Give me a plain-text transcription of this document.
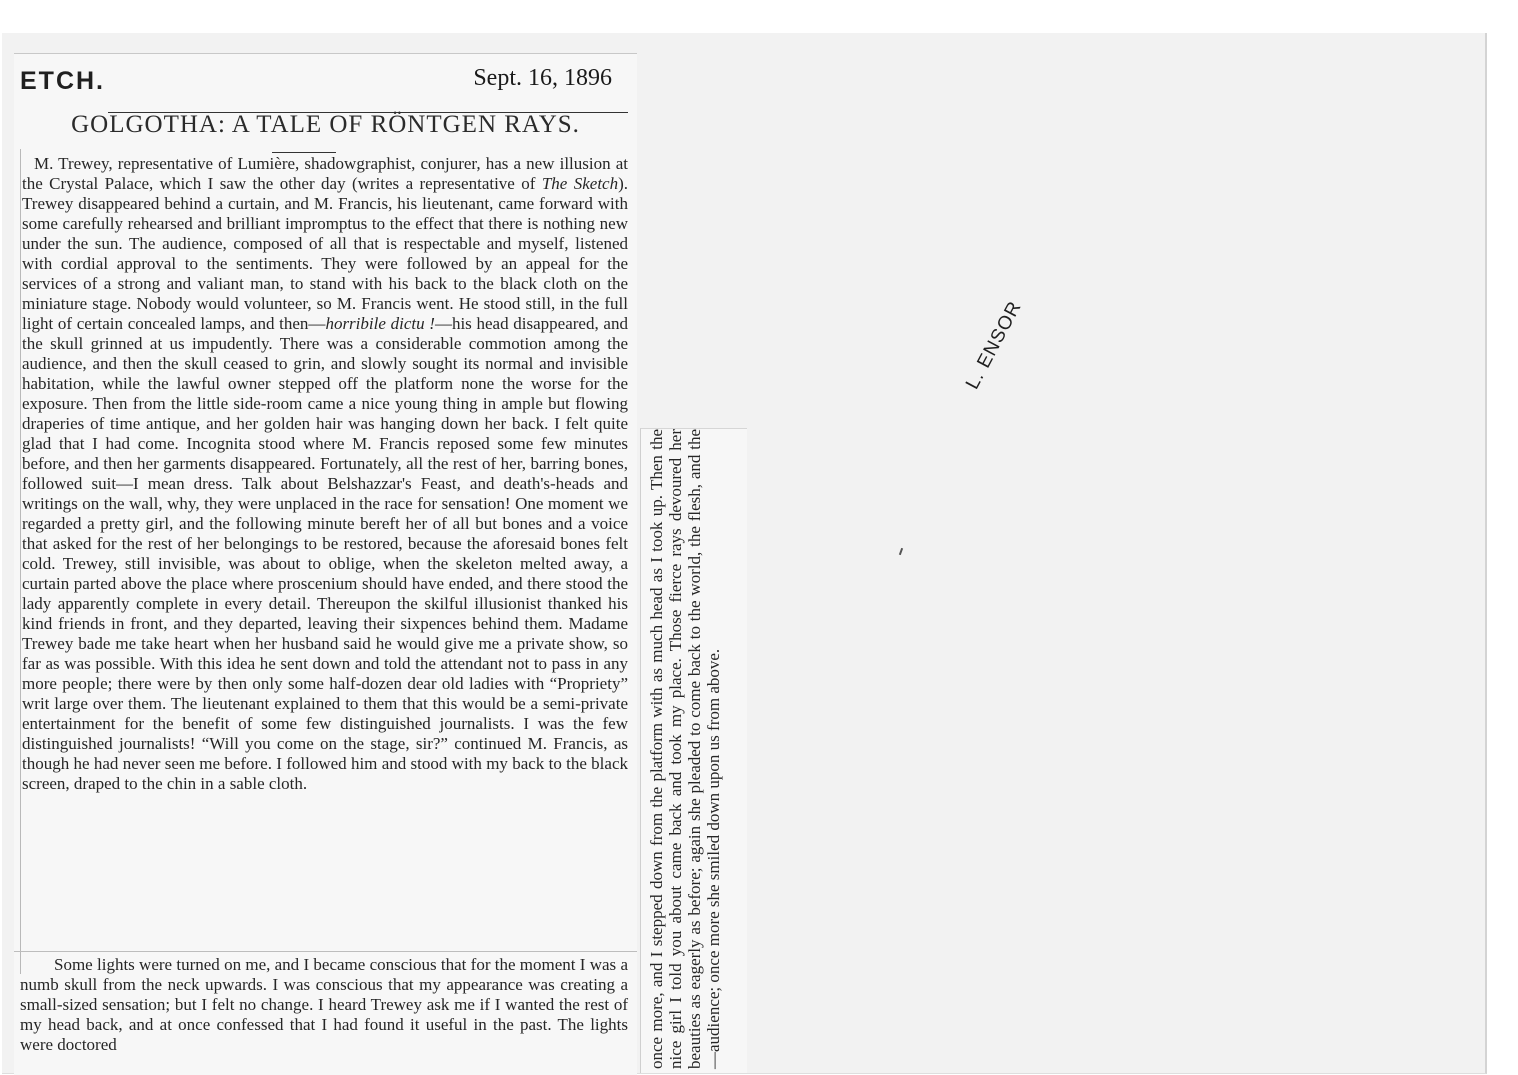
ETCH.	Sept. 16, 1896
GOLGOTHA: A TALE OF RÖNTGEN RAYS.
M. Trewey, representative of Lumière, shadowgraphist, conjurer, has a new illusion at the Crystal Palace, which I saw the other day (writes a representative of The Sketch). Trewey disappeared behind a curtain, and M. Francis, his lieutenant, came forward with some carefully rehearsed and brilliant impromptus to the effect that there is nothing new under the sun. The audience, composed of all that is respectable and myself, listened with cordial approval to the sentiments. They were followed by an appeal for the services of a strong and valiant man, to stand with his back to the black cloth on the miniature stage. Nobody would volunteer, so M. Francis went. He stood still, in the full light of certain concealed lamps, and then—horribile dictu !—his head disappeared, and the skull grinned at us impudently. There was a considerable commotion among the audience, and then the skull ceased to grin, and slowly sought its normal and invisible habitation, while the lawful owner stepped off the platform none the worse for the exposure. Then from the little side-room came a nice young thing in ample but flowing draperies of time antique, and her golden hair was hanging down her back. I felt quite glad that I had come. Incognita stood where M. Francis reposed some few minutes before, and then her garments disappeared. Fortunately, all the rest of her, barring bones, followed suit—I mean dress. Talk about Belshazzar's Feast, and death's-heads and writings on the wall, why, they were unplaced in the race for sensation! One moment we regarded a pretty girl, and the following minute bereft her of all but bones and a voice that asked for the rest of her belongings to be restored, because the aforesaid bones felt cold. Trewey, still invisible, was about to oblige, when the skeleton melted away, a curtain parted above the place where proscenium should have ended, and there stood the lady apparently complete in every detail. Thereupon the skilful illusionist thanked his kind friends in front, and they departed, leaving their sixpences behind them. Madame Trewey bade me take heart when her husband said he would give me a private show, so far as was possible. With this idea he sent down and told the attendant not to pass in any more people; there were by then only some half-dozen dear old ladies with “Propriety” writ large over them. The lieutenant explained to them that this would be a semi-private entertainment for the benefit of some few distinguished journalists. I was the few distinguished journalists! “Will you come on the stage, sir?” continued M. Francis, as though he had never seen me before. I followed him and stood with my back to the black screen, draped to the chin in a sable cloth.
Some lights were turned on me, and I became conscious that for the moment I was a numb skull from the neck upwards. I was conscious that my appearance was creating a small-sized sensation; but I felt no change. I heard Trewey ask me if I wanted the rest of my head back, and at once confessed that I had found it useful in the past. The lights were doctored	once more, and I stepped down from the platform with as much head as I took up. Then the nice girl I told you about came back and took my place. Those fierce rays devoured her beauties as eagerly as before; again she pleaded to come back to the world, the flesh, and the—audience; once more she smiled down upon us from above.
L. ENSOR
